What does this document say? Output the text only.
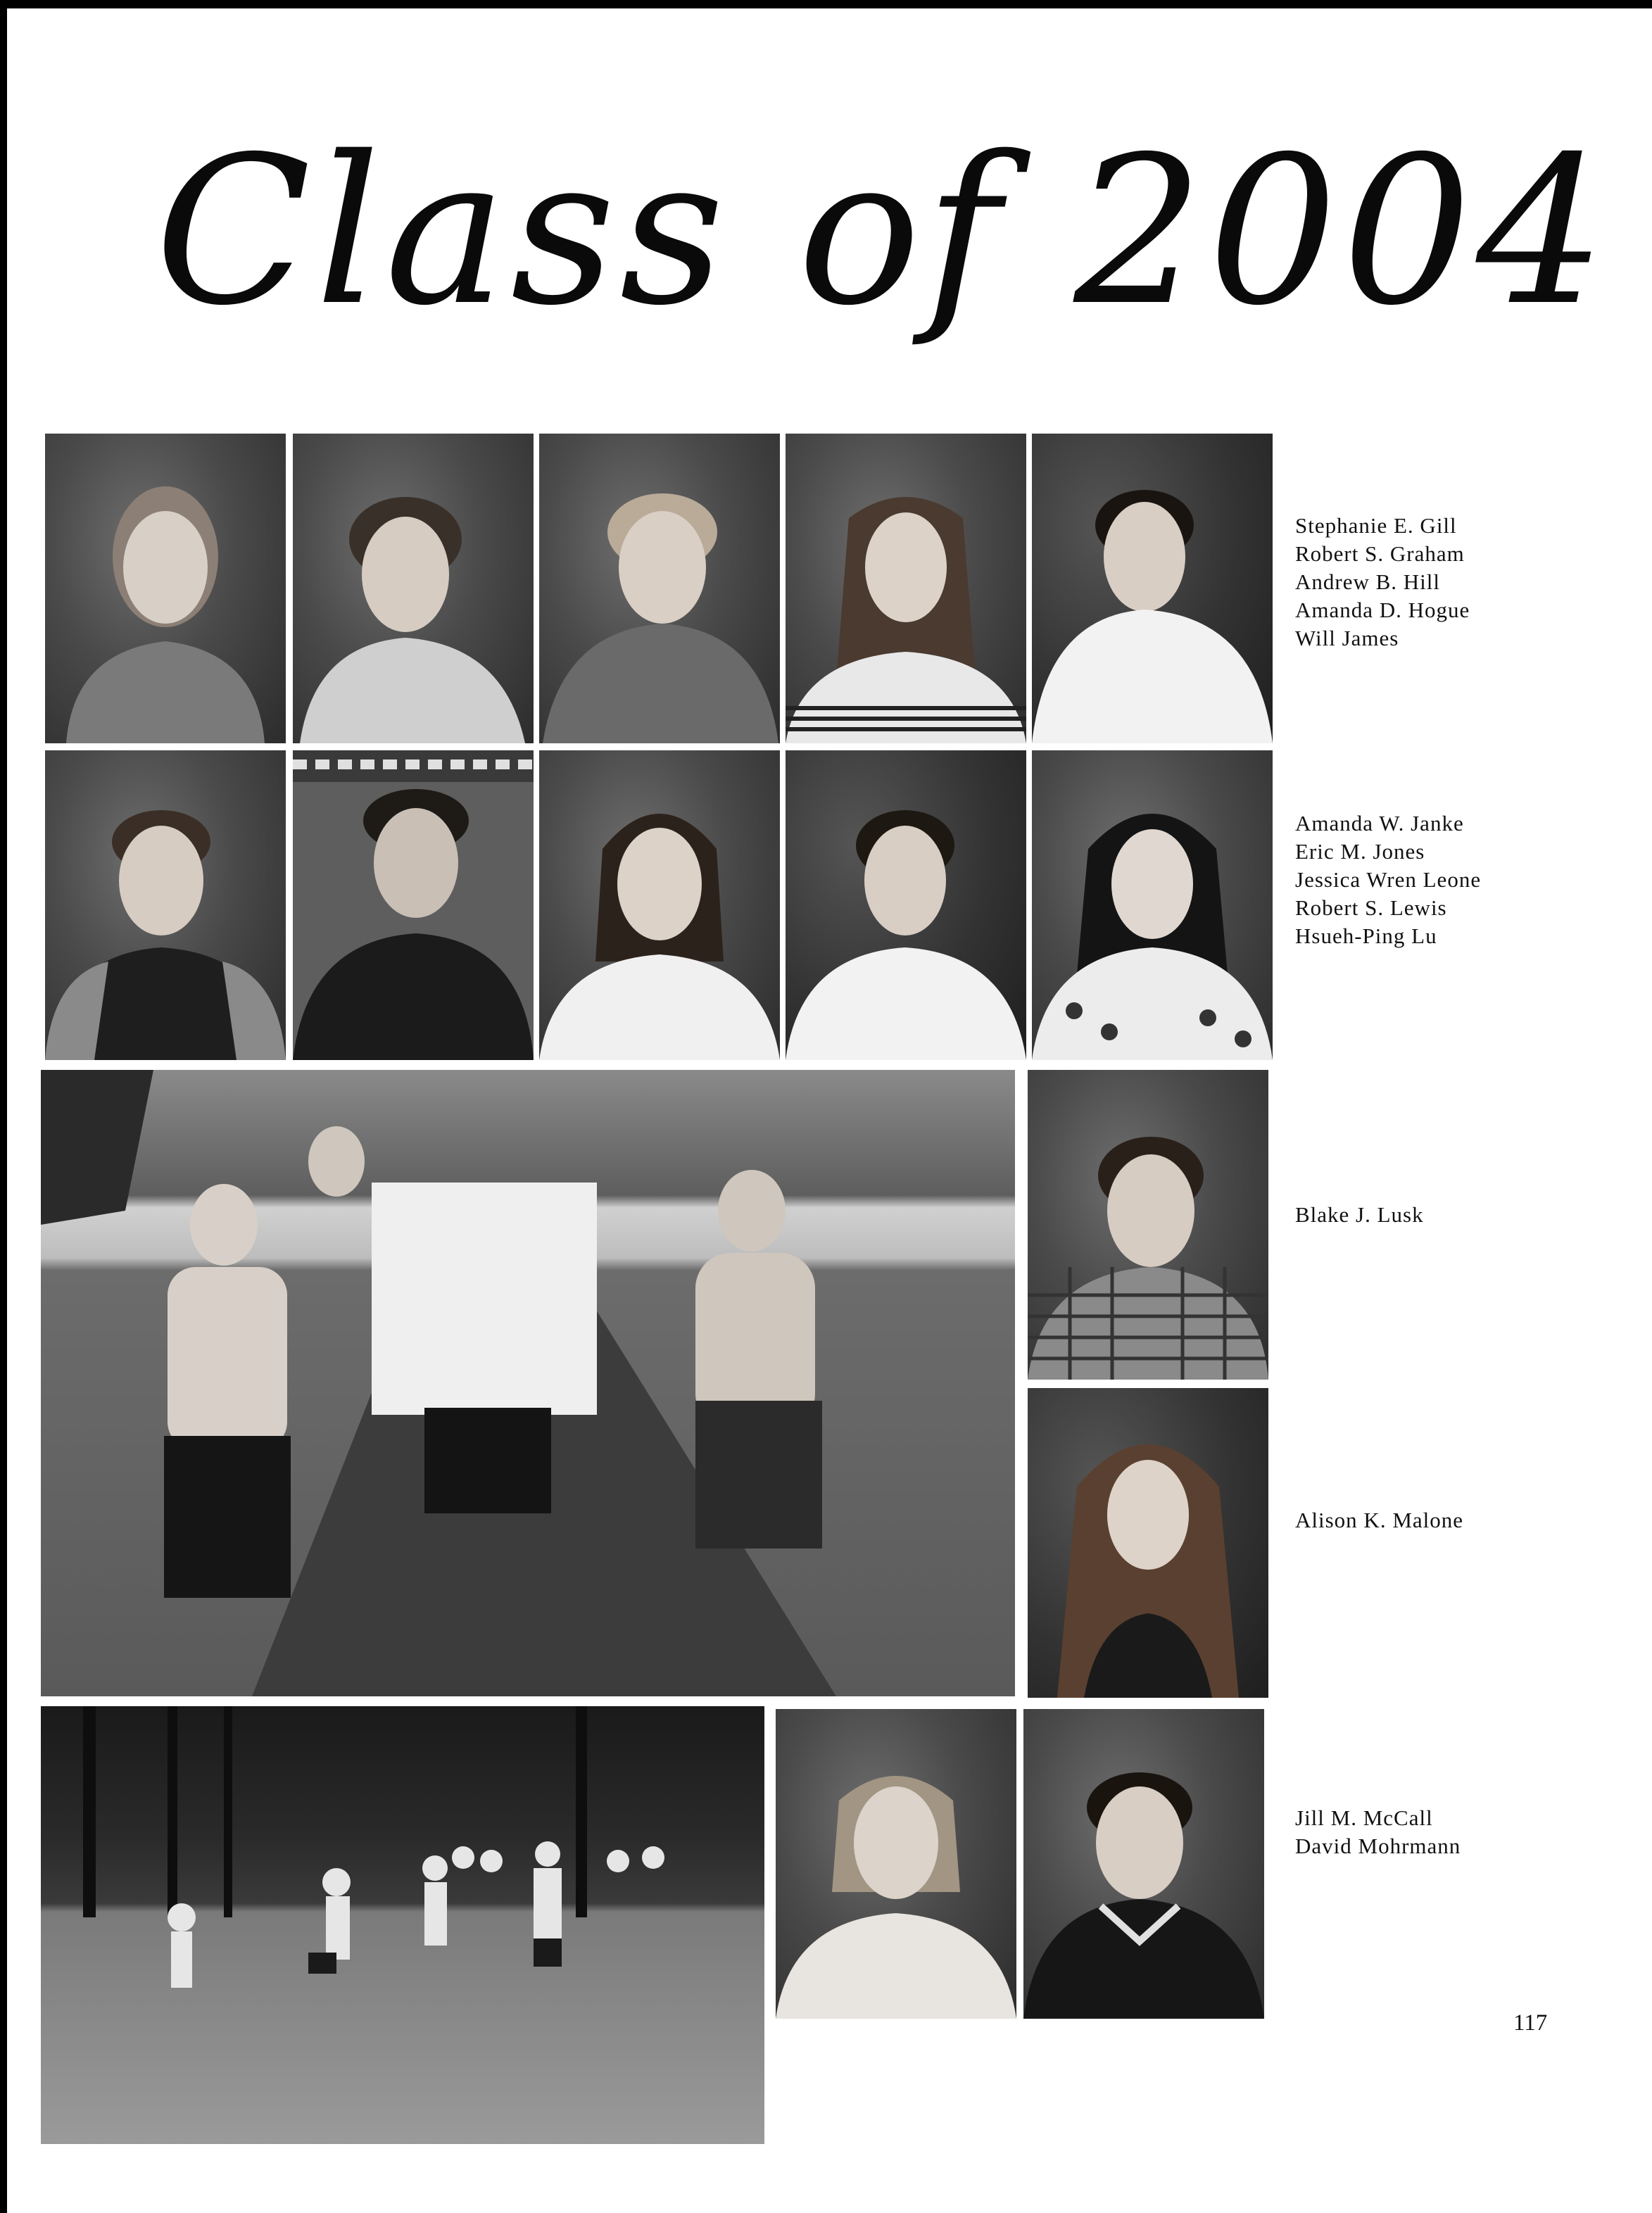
Class of 2004
Stephanie E. Gill
Robert S. Graham
Andrew B. Hill
Amanda D. Hogue
Will James
Amanda W. Janke
Eric M. Jones
Jessica Wren Leone
Robert S. Lewis
Hsueh-Ping Lu
Blake J. Lusk
Alison K. Malone
Jill M. McCall
David Mohrmann
117
